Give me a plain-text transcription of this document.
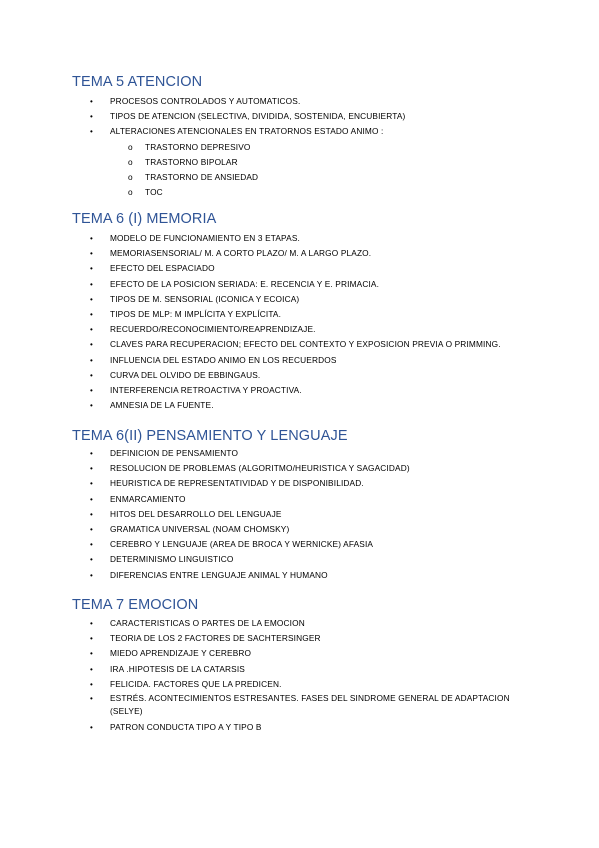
TEMA 5 ATENCION
• PROCESOS CONTROLADOS Y AUTOMATICOS.
• TIPOS DE ATENCION (SELECTIVA, DIVIDIDA, SOSTENIDA, ENCUBIERTA)
• ALTERACIONES ATENCIONALES EN TRATORNOS ESTADO ANIMO :
o TRASTORNO DEPRESIVO
o TRASTORNO BIPOLAR
o TRASTORNO DE ANSIEDAD
o TOC
TEMA 6 (I) MEMORIA
• MODELO DE FUNCIONAMIENTO EN 3 ETAPAS.
• MEMORIASENSORIAL/ M. A CORTO PLAZO/ M. A LARGO PLAZO.
• EFECTO DEL ESPACIADO
• EFECTO DE LA POSICION SERIADA: E. RECENCIA Y E. PRIMACIA.
• TIPOS DE M. SENSORIAL (ICONICA Y ECOICA)
• TIPOS DE MLP: M IMPLÍCITA Y EXPLÍCITA.
• RECUERDO/RECONOCIMIENTO/REAPRENDIZAJE.
• CLAVES PARA RECUPERACION; EFECTO DEL CONTEXTO Y EXPOSICION PREVIA O PRIMMING.
• INFLUENCIA DEL ESTADO ANIMO EN LOS RECUERDOS
• CURVA DEL OLVIDO DE EBBINGAUS.
• INTERFERENCIA RETROACTIVA Y PROACTIVA.
• AMNESIA DE LA FUENTE.
TEMA 6(II) PENSAMIENTO Y LENGUAJE
• DEFINICION DE PENSAMIENTO
• RESOLUCION DE PROBLEMAS (ALGORITMO/HEURISTICA Y SAGACIDAD)
• HEURISTICA DE REPRESENTATIVIDAD Y DE DISPONIBILIDAD.
• ENMARCAMIENTO
• HITOS DEL DESARROLLO DEL LENGUAJE
• GRAMATICA UNIVERSAL (NOAM CHOMSKY)
• CEREBRO Y LENGUAJE (AREA DE BROCA Y WERNICKE) AFASIA
• DETERMINISMO LINGUISTICO
• DIFERENCIAS ENTRE LENGUAJE ANIMAL Y HUMANO
TEMA 7 EMOCION
• CARACTERISTICAS O PARTES DE LA EMOCION
• TEORIA DE LOS 2 FACTORES DE SACHTERSINGER
• MIEDO APRENDIZAJE Y CEREBRO
• IRA .HIPOTESIS DE LA CATARSIS
• FELICIDA. FACTORES QUE LA PREDICEN.
• ESTRÉS. ACONTECIMIENTOS ESTRESANTES. FASES DEL SINDROME GENERAL DE ADAPTACION (SELYE)
• PATRON CONDUCTA TIPO A Y TIPO B
